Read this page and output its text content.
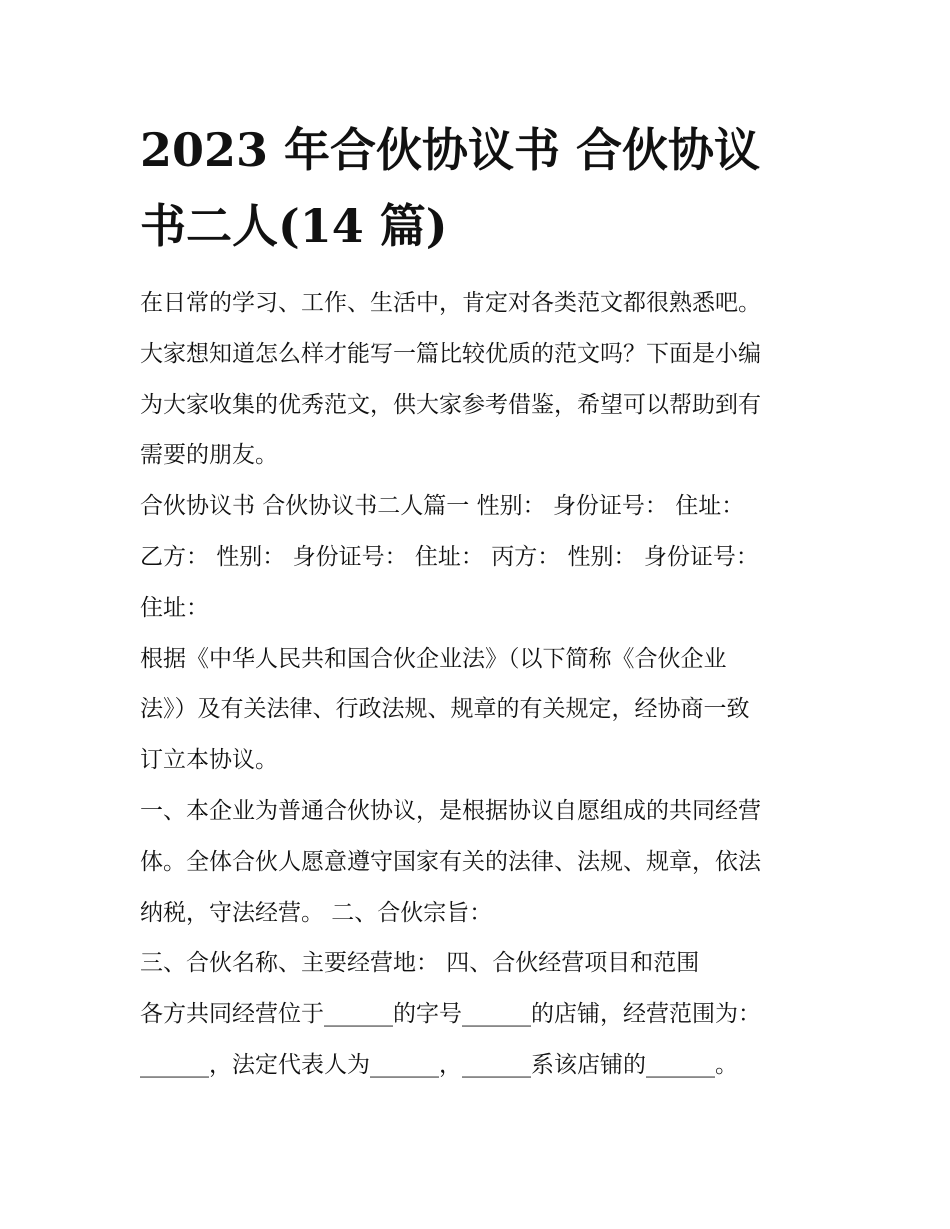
2023 年合伙协议书 合伙协议
书二人(14 篇)
在日常的学习、工作、生活中，肯定对各类范文都很熟悉吧。
大家想知道怎么样才能写一篇比较优质的范文吗？下面是小编
为大家收集的优秀范文，供大家参考借鉴，希望可以帮助到有
需要的朋友。
合伙协议书 合伙协议书二人篇一 性别： 身份证号： 住址：
乙方： 性别： 身份证号： 住址： 丙方： 性别： 身份证号：
住址：
根据《中华人民共和国合伙企业法》（以下简称《合伙企业
法》）及有关法律、行政法规、规章的有关规定，经协商一致
订立本协议。
一、本企业为普通合伙协议，是根据协议自愿组成的共同经营
体。全体合伙人愿意遵守国家有关的法律、法规、规章，依法
纳税，守法经营。 二、合伙宗旨：
三、合伙名称、主要经营地： 四、合伙经营项目和范围
各方共同经营位于______的字号______的店铺，经营范围为：
______，法定代表人为______，______系该店铺的______。
